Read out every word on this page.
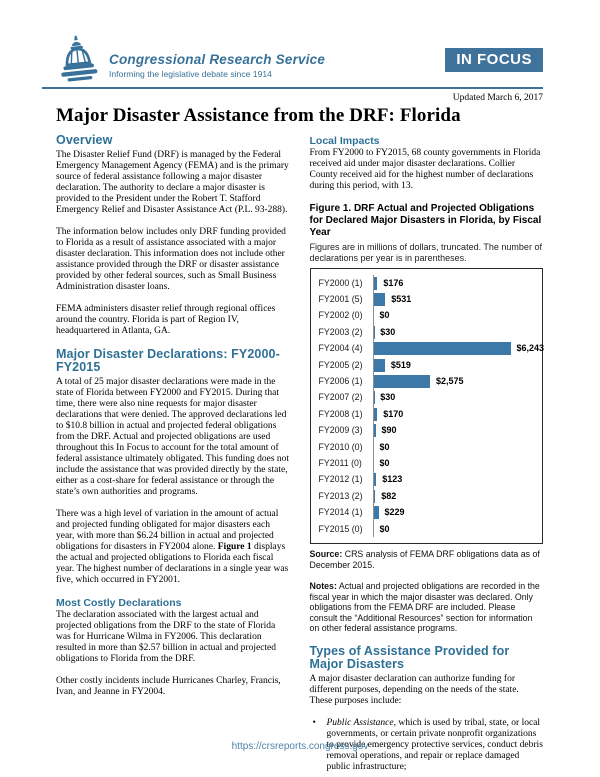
Congressional Research Service
Informing the legislative debate since 1914
IN FOCUS
Updated March 6, 2017
Major Disaster Assistance from the DRF: Florida
Overview

The Disaster Relief Fund (DRF) is managed by the Federal Emergency Management Agency (FEMA) and is the primary source of federal assistance following a major disaster declaration. The authority to declare a major disaster is provided to the President under the Robert T. Stafford Emergency Relief and Disaster Assistance Act (P.L. 93-288).

The information below includes only DRF funding provided to Florida as a result of assistance associated with a major disaster declaration. This information does not include other assistance provided through the DRF or disaster assistance provided by other federal sources, such as Small Business Administration disaster loans.

FEMA administers disaster relief through regional offices around the country. Florida is part of Region IV, headquartered in Atlanta, GA.

Major Disaster Declarations: FY2000-FY2015

A total of 25 major disaster declarations were made in the state of Florida between FY2000 and FY2015. During that time, there were also nine requests for major disaster declarations that were denied. The approved declarations led to $10.8 billion in actual and projected federal obligations from the DRF. Actual and projected obligations are used throughout this In Focus to account for the total amount of federal assistance ultimately obligated. This funding does not include the assistance that was provided directly by the state, either as a cost-share for federal assistance or through the state’s own authorities and programs.

There was a high level of variation in the amount of actual and projected funding obligated for major disasters each year, with more than $6.24 billion in actual and projected obligations for disasters in FY2004 alone. Figure 1 displays the actual and projected obligations to Florida each fiscal year. The highest number of declarations in a single year was five, which occurred in FY2001.

Most Costly Declarations

The declaration associated with the largest actual and projected obligations from the DRF to the state of Florida was for Hurricane Wilma in FY2006. This declaration resulted in more than $2.57 billion in actual and projected obligations to Florida from the DRF.

Other costly incidents include Hurricanes Charley, Francis, Ivan, and Jeanne in FY2004.

Local Impacts

From FY2000 to FY2015, 68 county governments in Florida received aid under major disaster declarations. Collier County received aid for the highest number of declarations during this period, with 13.

Figure 1. DRF Actual and Projected Obligations for Declared Major Disasters in Florida, by Fiscal Year
Figures are in millions of dollars, truncated. The number of declarations per year is in parentheses.
FY2000 (1)	$176
FY2001 (5)	$531
FY2002 (0)	$0
FY2003 (2)	$30
FY2004 (4)	$6,243
FY2005 (2)	$519
FY2006 (1)	$2,575
FY2007 (2)	$30
FY2008 (1)	$170
FY2009 (3)	$90
FY2010 (0)	$0
FY2011 (0)	$0
FY2012 (1)	$123
FY2013 (2)	$82
FY2014 (1)	$229
FY2015 (0)	$0

Source: CRS analysis of FEMA DRF obligations data as of December 2015.

Notes: Actual and projected obligations are recorded in the fiscal year in which the major disaster was declared. Only obligations from the FEMA DRF are included. Please consult the “Additional Resources” section for information on other federal assistance programs.

Types of Assistance Provided for Major Disasters

A major disaster declaration can authorize funding for different purposes, depending on the needs of the state. These purposes include:

•	Public Assistance, which is used by tribal, state, or local governments, or certain private nonprofit organizations to provide emergency protective services, conduct debris removal operations, and repair or replace damaged public infrastructure;
https://crsreports.congress.gov
